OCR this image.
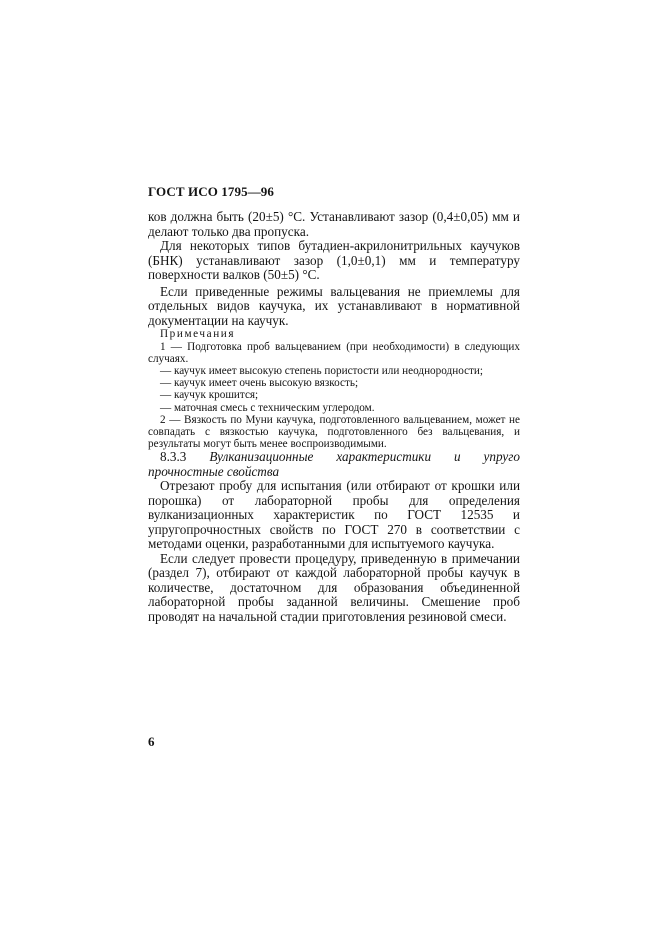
ГОСТ ИСО 1795—96

ков должна быть (20±5) °С. Устанавливают зазор (0,4±0,05) мм и делают только два пропуска.

Для некоторых типов бутадиен-акрилонитрильных каучуков (БНК) устанавливают зазор (1,0±0,1) мм и температуру поверхности валков (50±5) °С.

Если приведенные режимы вальцевания не приемлемы для отдельных видов каучука, их устанавливают в нормативной документации на каучук.

Примечания

1 — Подготовка проб вальцеванием (при необходимости) в следующих случаях.

— каучук имеет высокую степень пористости или неоднородности;

— каучук имеет очень высокую вязкость;

— каучук крошится;

— маточная смесь с техническим углеродом.

2 — Вязкость по Муни каучука, подготовленного вальцеванием, может не совпадать с вязкостью каучука, подготовленного без вальцевания, и результаты могут быть менее воспроизводимыми.

8.3.3 Вулканизационные характеристики и упруго прочностные свойства

Отрезают пробу для испытания (или отбирают от крошки или порошка) от лабораторной пробы для определения вулканизационных характеристик по ГОСТ 12535 и упругопрочностных свойств по ГОСТ 270 в соответствии с методами оценки, разработанными для испытуемого каучука.

Если следует провести процедуру, приведенную в примечании (раздел 7), отбирают от каждой лабораторной пробы каучук в количестве, достаточном для образования объединенной лабораторной пробы заданной величины. Смешение проб проводят на начальной стадии приготовления резиновой смеси.

6
